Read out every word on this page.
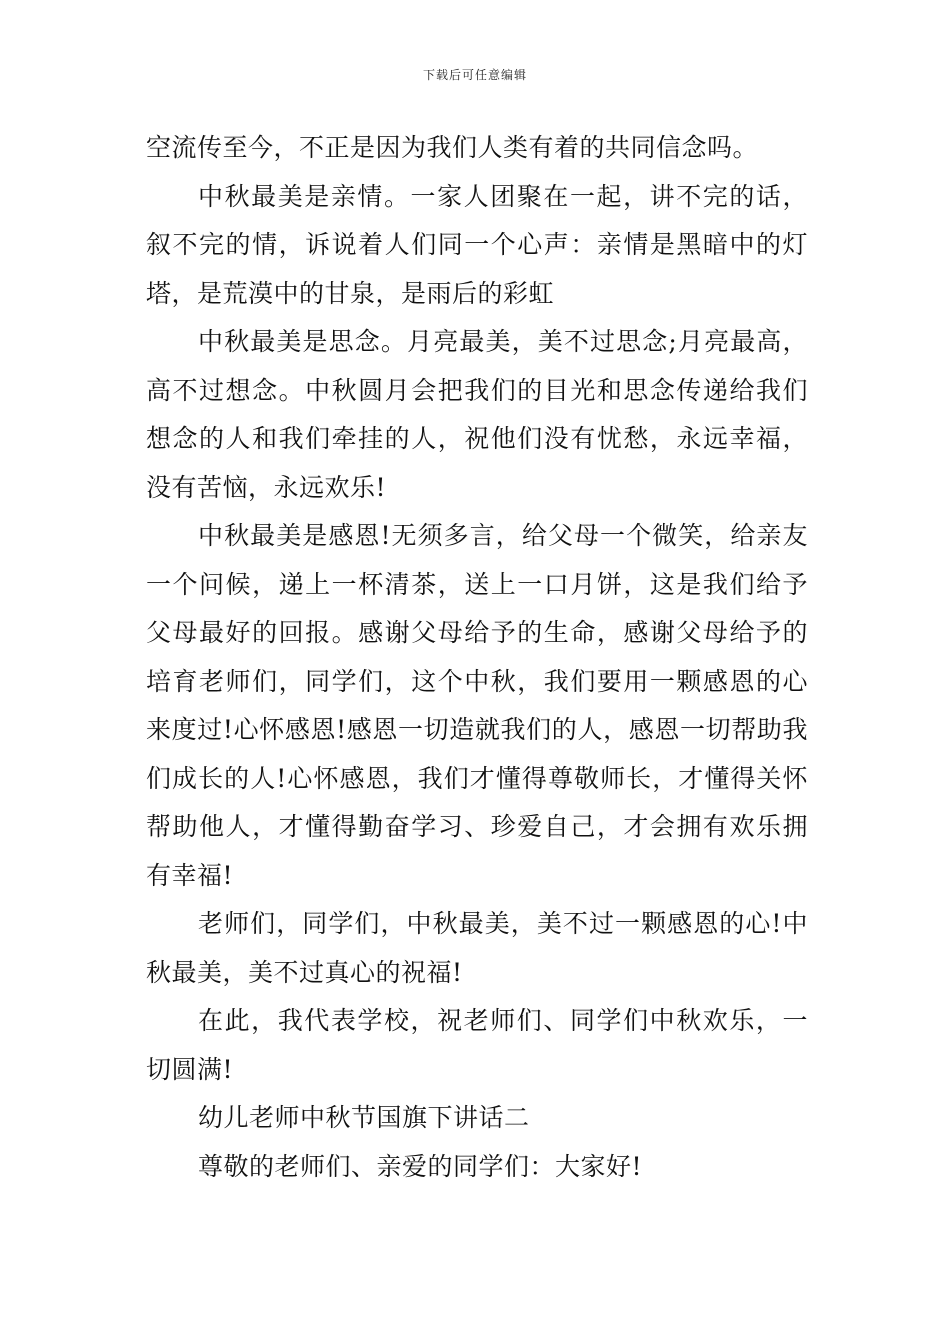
下载后可任意编辑

空流传至今，不正是因为我们人类有着的共同信念吗。

中秋最美是亲情。一家人团聚在一起，讲不完的话，叙不完的情，诉说着人们同一个心声：亲情是黑暗中的灯塔，是荒漠中的甘泉，是雨后的彩虹

中秋最美是思念。月亮最美，美不过思念;月亮最高，高不过想念。中秋圆月会把我们的目光和思念传递给我们想念的人和我们牵挂的人，祝他们没有忧愁，永远幸福，没有苦恼，永远欢乐!

中秋最美是感恩!无须多言，给父母一个微笑，给亲友一个问候，递上一杯清茶，送上一口月饼，这是我们给予父母最好的回报。感谢父母给予的生命，感谢父母给予的培育老师们，同学们，这个中秋，我们要用一颗感恩的心来度过!心怀感恩!感恩一切造就我们的人，感恩一切帮助我们成长的人!心怀感恩，我们才懂得尊敬师长，才懂得关怀帮助他人，才懂得勤奋学习、珍爱自己，才会拥有欢乐拥有幸福!

老师们，同学们，中秋最美，美不过一颗感恩的心!中秋最美，美不过真心的祝福!

在此，我代表学校，祝老师们、同学们中秋欢乐，一切圆满!

幼儿老师中秋节国旗下讲话二

尊敬的老师们、亲爱的同学们：大家好!
